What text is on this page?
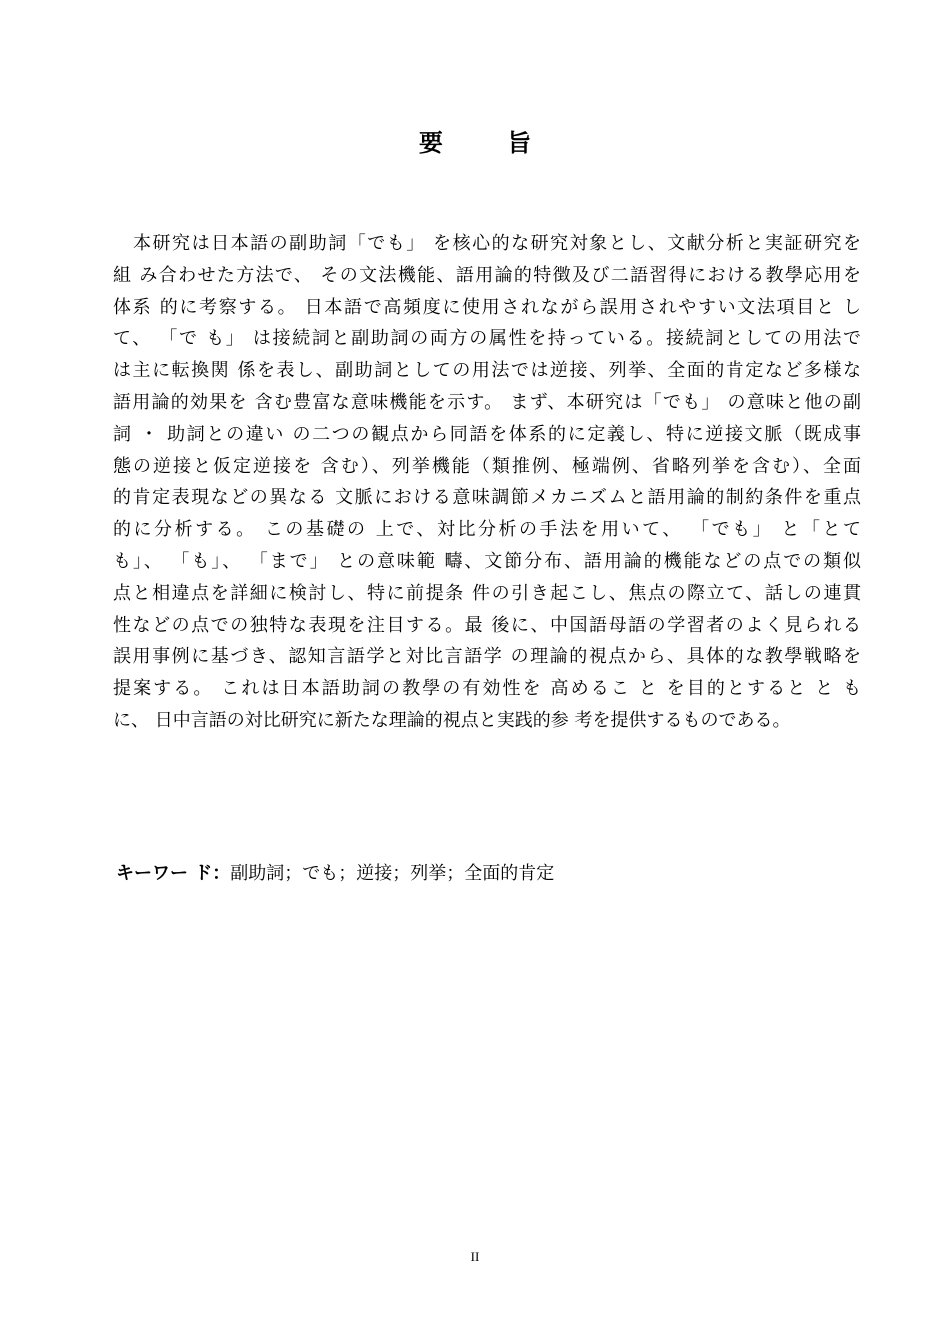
要 旨
本研究は日本語の副助詞「でも」 を核心的な研究対象とし、文献分析と実証研究を
組 み合わせた方法で、 その文法機能、語用論的特徴及び二語習得における教學応用を
体系 的に考察する。 日本語で高頻度に使用されながら誤用されやすい文法項目と し
て、 「で も」 は接続詞と副助詞の両方の属性を持っている。接続詞としての用法で
は主に転換関 係を表し、副助詞としての用法では逆接、列挙、全面的肯定など多様な
語用論的効果を 含む豊富な意味機能を示す。 まず、本研究は「でも」 の意味と他の副
詞 ・ 助詞との違い の二つの観点から同語を体系的に定義し、特に逆接文脈（既成事
態の逆接と仮定逆接を 含む）、列挙機能（類推例、極端例、省略列挙を含む）、全面
的肯定表現などの異なる 文脈における意味調節メカニズムと語用論的制約条件を重点
的に分析する。 この基礎の 上で、対比分析の手法を用いて、 「でも」 と「とて
も」、 「も」、 「まで」 との意味範 疇、文節分布、語用論的機能などの点での類似
点と相違点を詳細に検討し、特に前提条 件の引き起こし、焦点の際立て、話しの連貫
性などの点での独特な表現を注目する。最 後に、中国語母語の学習者のよく見られる
誤用事例に基づき、認知言語学と対比言語学 の理論的視点から、具体的な教學戦略を
提案する。 これは日本語助詞の教學の有効性を 高めるこ と を目的とすると と も
に、 日中言語の対比研究に新たな理論的視点と実践的参 考を提供するものである。
キーワー ド：副助詞；でも；逆接；列挙；全面的肯定
II
